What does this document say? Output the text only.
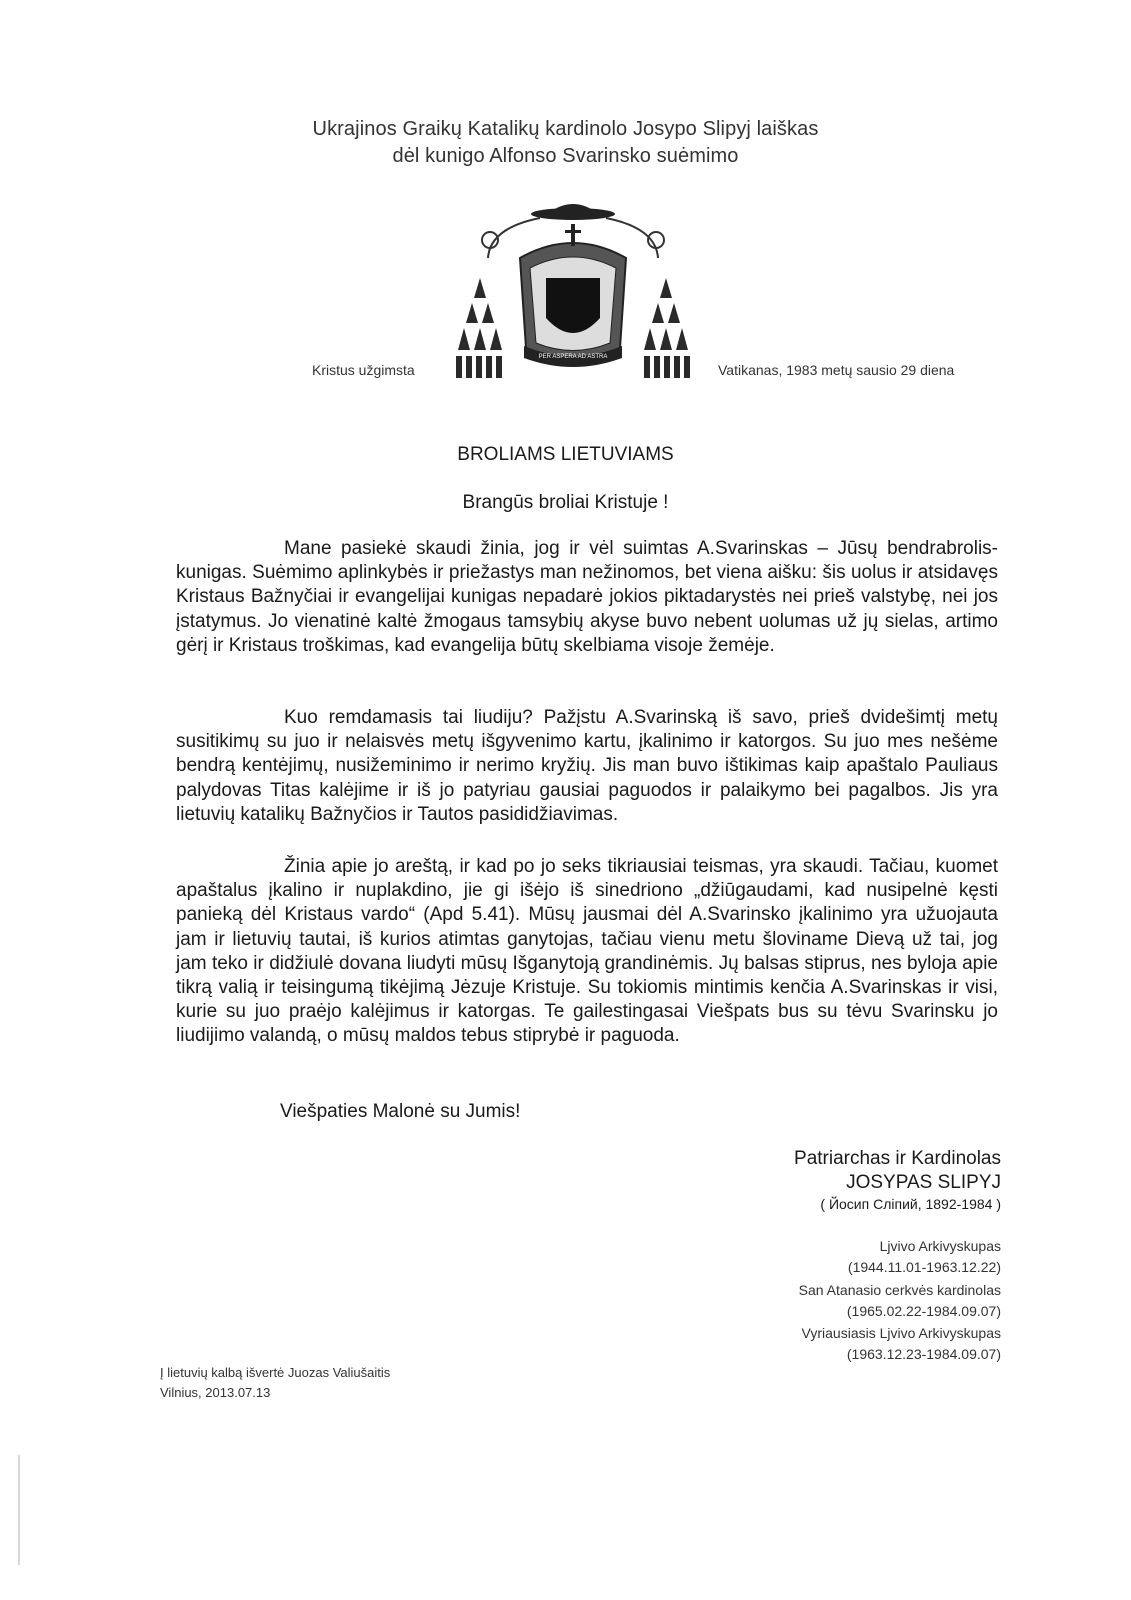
Ukrajinos Graikų Katalikų kardinolo Josypo Slipyj laiškas
dėl kunigo Alfonso Svarinsko suėmimo
Kristus užgimsta
PER ASPERA AD ASTRA
Vatikanas, 1983 metų sausio 29 diena
BROLIAMS LIETUVIAMS
Brangūs broliai Kristuje !

Mane pasiekė skaudi žinia, jog ir vėl suimtas A.Svarinskas – Jūsų bendrabrolis-kunigas. Suėmimo aplinkybės ir priežastys man nežinomos, bet viena aišku: šis uolus ir atsidavęs Kristaus Bažnyčiai ir evangelijai kunigas nepadarė jokios piktadarystės nei prieš valstybę, nei jos įstatymus. Jo vienatinė kaltė žmogaus tamsybių akyse buvo nebent uolumas už jų sielas, artimo gėrį ir Kristaus troškimas, kad evangelija būtų skelbiama visoje žemėje.

Kuo remdamasis tai liudiju? Pažįstu A.Svarinską iš savo, prieš dvidešimtį metų susitikimų su juo ir nelaisvės metų išgyvenimo kartu, įkalinimo ir katorgos. Su juo mes nešėme bendrą kentėjimų, nusižeminimo ir nerimo kryžių. Jis man buvo ištikimas kaip apaštalo Pauliaus palydovas Titas kalėjime ir iš jo patyriau gausiai paguodos ir palaikymo bei pagalbos. Jis yra lietuvių katalikų Bažnyčios ir Tautos pasididžiavimas.

Žinia apie jo areštą, ir kad po jo seks tikriausiai teismas, yra skaudi. Tačiau, kuomet apaštalus įkalino ir nuplakdino, jie gi išėjo iš sinedriono „džiūgaudami, kad nusipelnė kęsti panieką dėl Kristaus vardo“ (Apd 5.41). Mūsų jausmai dėl A.Svarinsko įkalinimo yra užuojauta jam ir lietuvių tautai, iš kurios atimtas ganytojas, tačiau vienu metu šloviname Dievą už tai, jog jam teko ir didžiulė dovana liudyti mūsų Išganytoją grandinėmis. Jų balsas stiprus, nes byloja apie tikrą valią ir teisingumą tikėjimą Jėzuje Kristuje. Su tokiomis mintimis kenčia A.Svarinskas ir visi, kurie su juo praėjo kalėjimus ir katorgas. Te gailestingasai Viešpats bus su tėvu Svarinsku jo liudijimo valandą, o mūsų maldos tebus stiprybė ir paguoda.

Viešpaties Malonė su Jumis!
Patriarchas ir Kardinolas
JOSYPAS SLIPYJ
( Йосип Сліпий, 1892-1984 )
Ljvivo Arkivyskupas
(1944.11.01-1963.12.22)
San Atanasio cerkvės kardinolas
(1965.02.22-1984.09.07)
Vyriausiasis Ljvivo Arkivyskupas
(1963.12.23-1984.09.07)
Į lietuvių kalbą išvertė Juozas Valiušaitis
Vilnius, 2013.07.13
